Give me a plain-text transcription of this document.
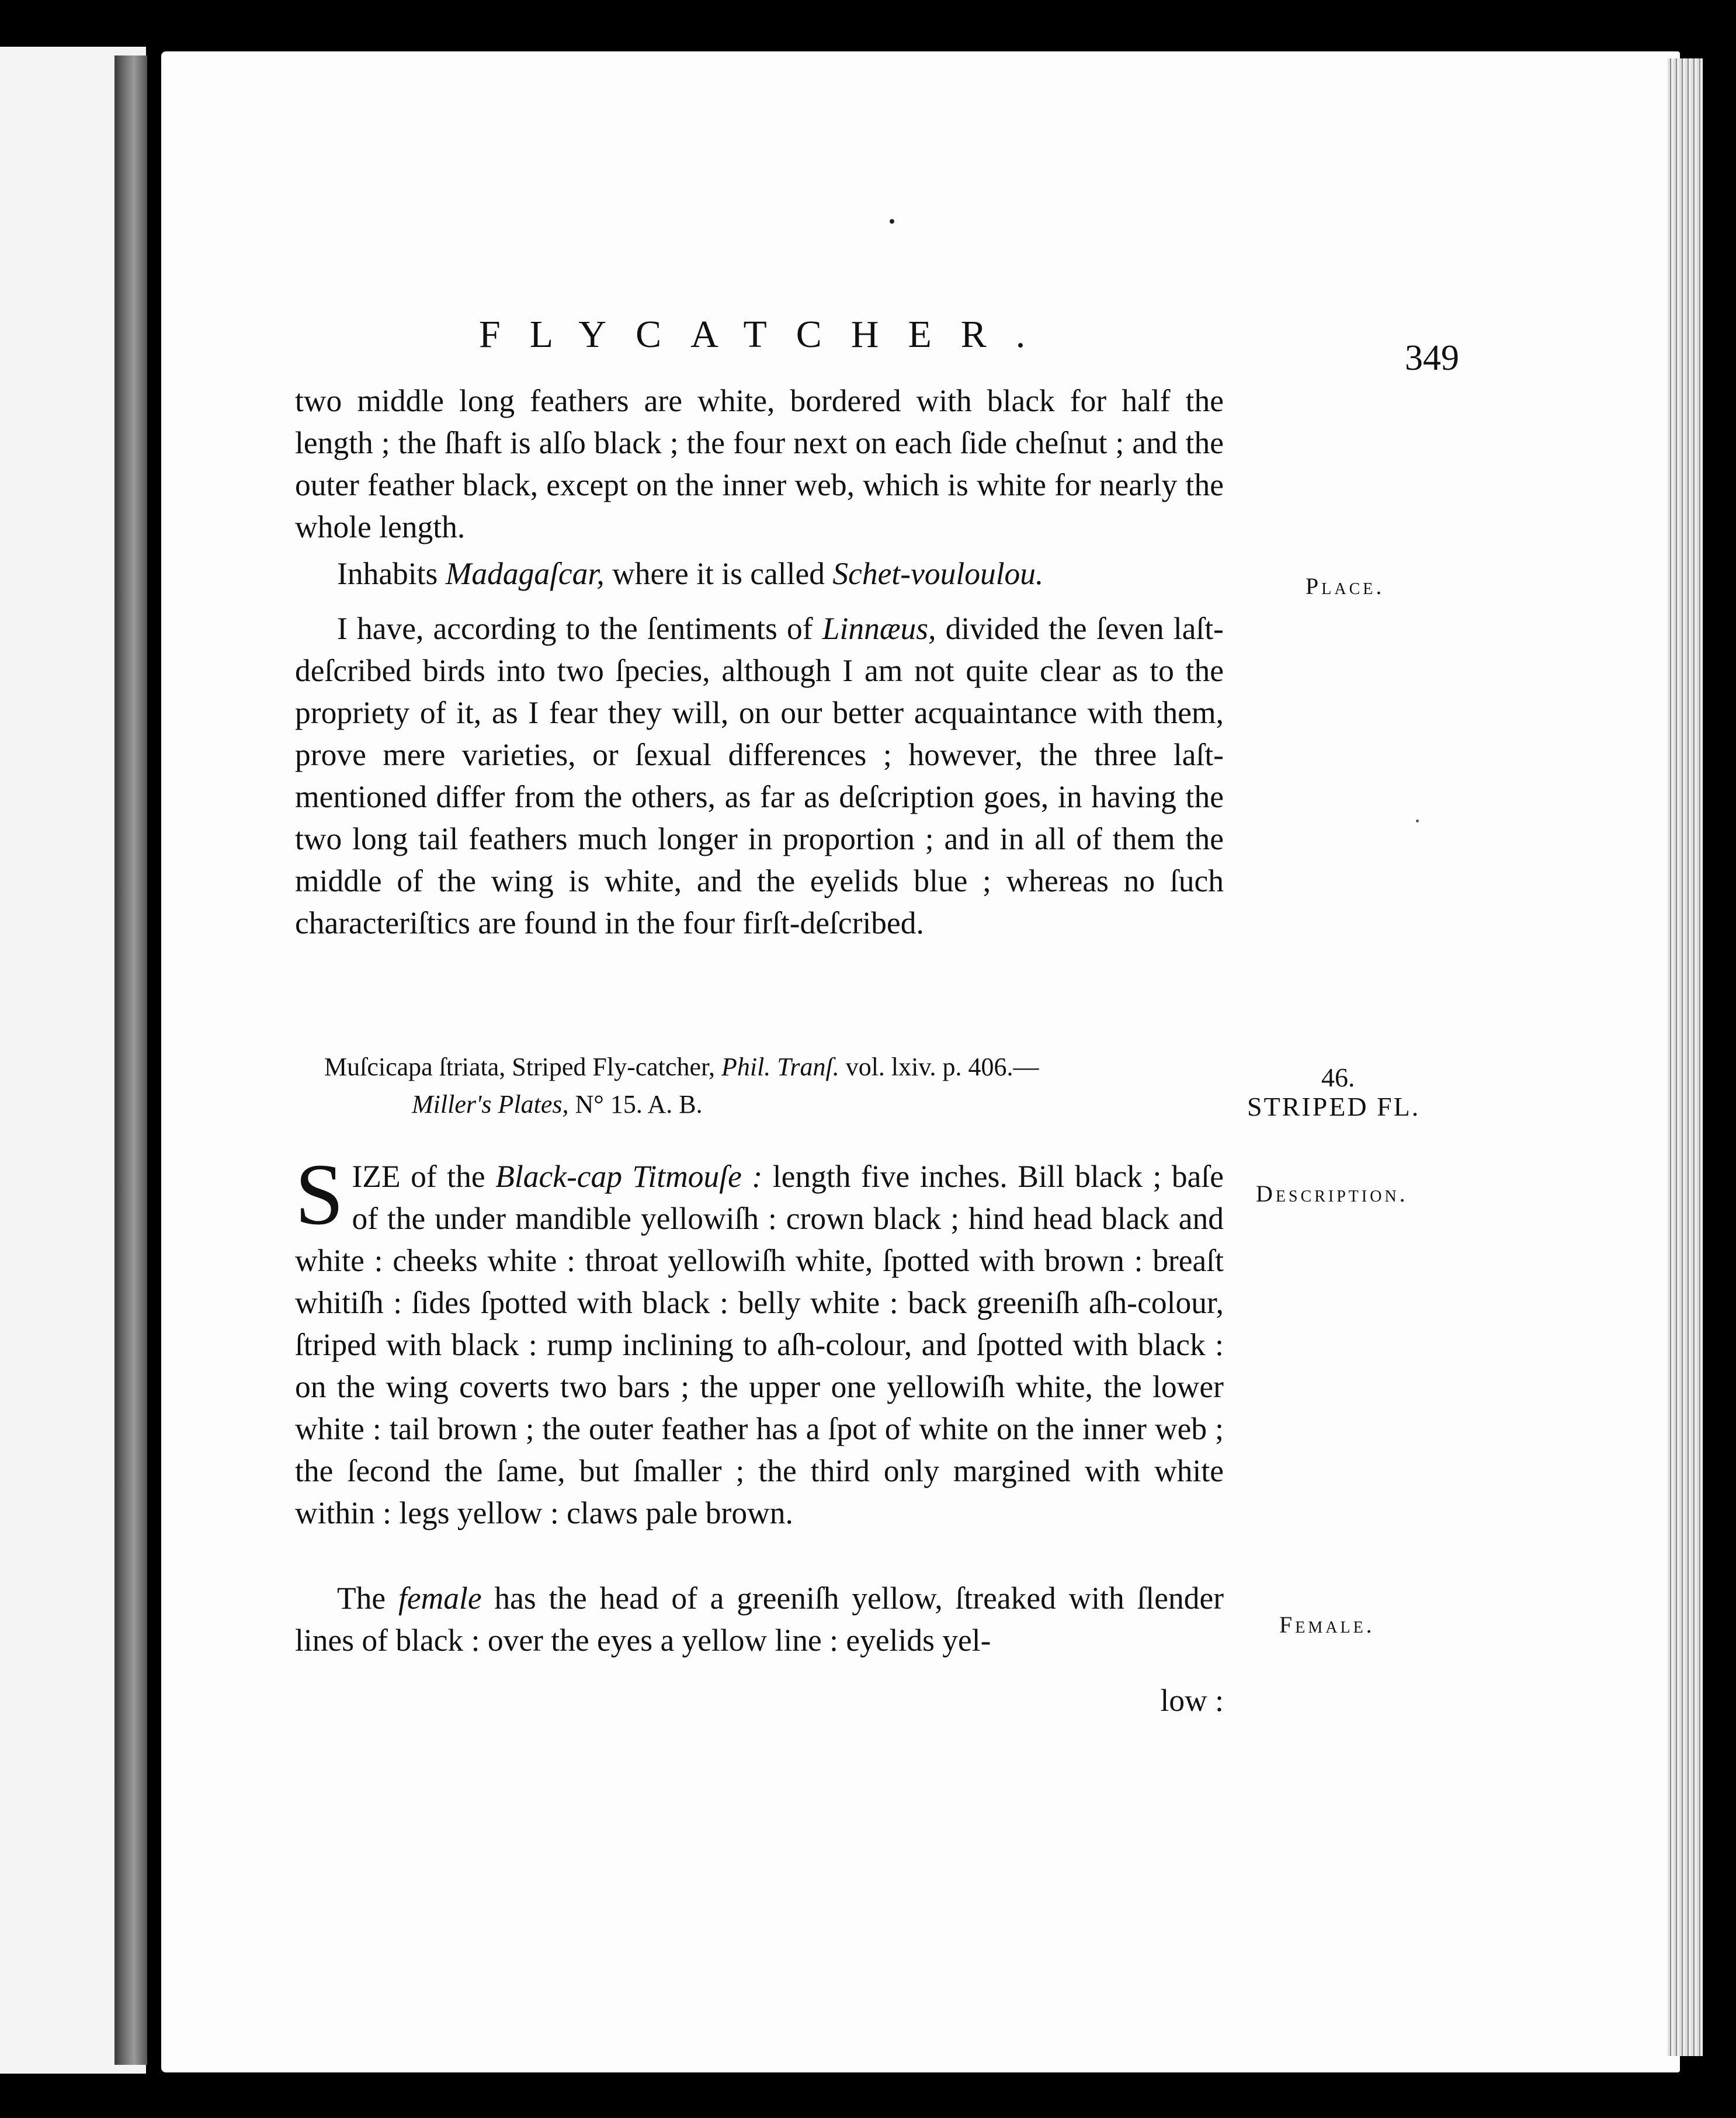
FLYCATCHER.
349

two middle long feathers are white, bordered with black for half the length ; the ſhaft is alſo black ; the four next on each ſide cheſnut ; and the outer feather black, except on the inner web, which is white for nearly the whole length.

Inhabits Madagaſcar, where it is called Schet-vouloulou.

I have, according to the ſentiments of Linnæus, divided the ſeven laſt-deſcribed birds into two ſpecies, although I am not quite clear as to the propriety of it, as I fear they will, on our better acquaintance with them, prove mere varieties, or ſexual differences ; however, the three laſt-mentioned differ from the others, as far as deſcription goes, in having the two long tail feathers much longer in proportion ; and in all of them the middle of the wing is white, and the eyelids blue ; whereas no ſuch characteriſtics are found in the four firſt-deſcribed.

Muſcicapa ſtriata, Striped Fly-catcher, Phil. Tranſ. vol. lxiv. p. 406.—
Miller's Plates, N° 15. A. B.
S IZE of the Black-cap Titmouſe : length five inches. Bill black ; baſe of the under mandible yellowiſh : crown black ; hind head black and white : cheeks white : throat yellowiſh white, ſpotted with brown : breaſt whitiſh : ſides ſpotted with black : belly white : back greeniſh aſh-colour, ſtriped with black : rump inclining to aſh-colour, and ſpotted with black : on the wing coverts two bars ; the upper one yellowiſh white, the lower white : tail brown ; the outer feather has a ſpot of white on the inner web ; the ſecond the ſame, but ſmaller ; the third only margined with white within : legs yellow : claws pale brown.

The female has the head of a greeniſh yellow, ſtreaked with ſlender lines of black : over the eyes a yellow line : eyelids yel-

low :
Place.
46.
STRIPED FL.
Description.
Female.
